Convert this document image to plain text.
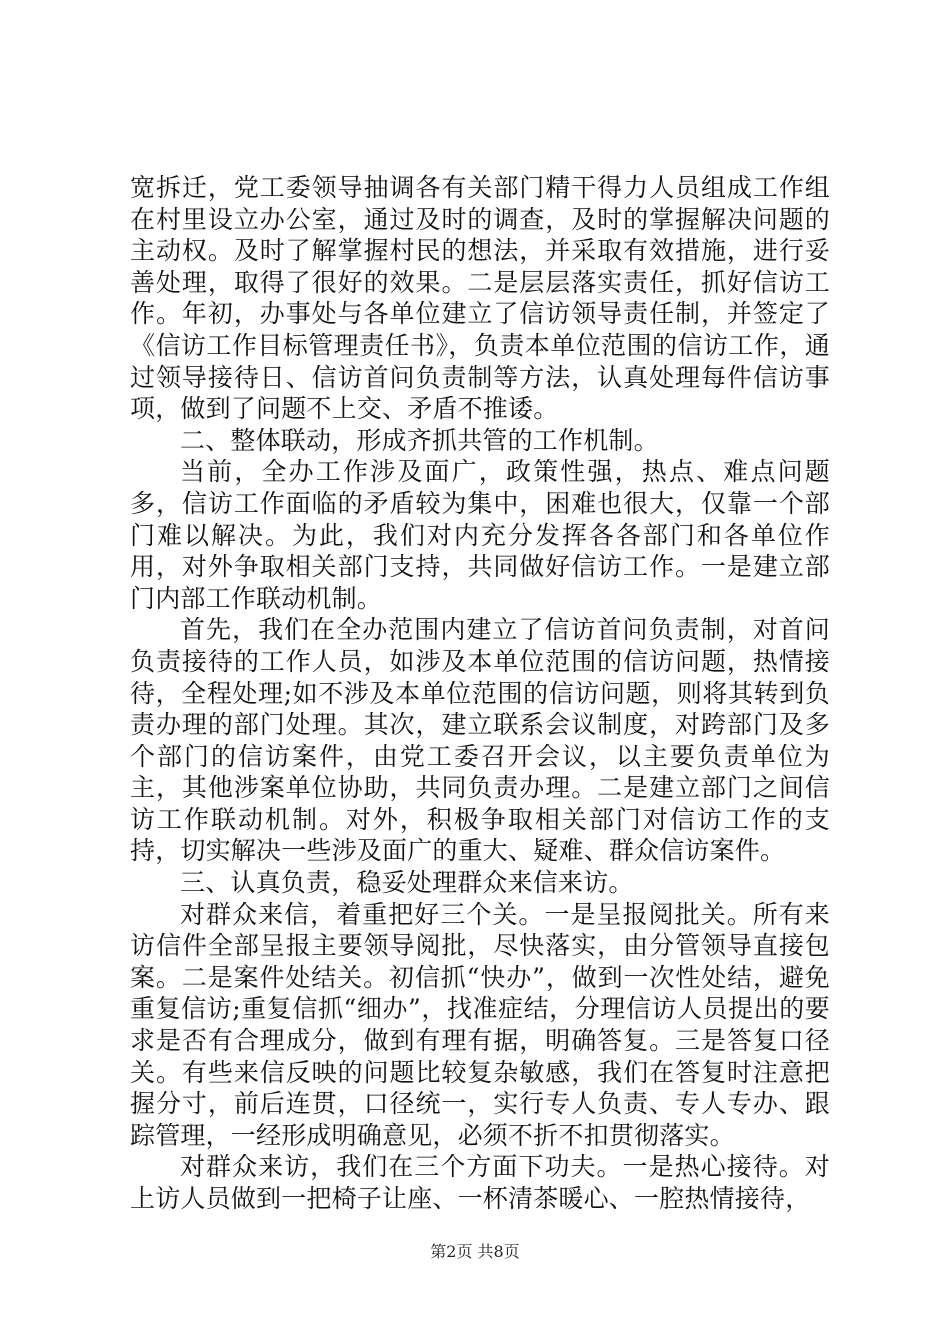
宽拆迁，党工委领导抽调各有关部门精干得力人员组成工作组在村里设立办公室，通过及时的调查，及时的掌握解决问题的主动权。及时了解掌握村民的想法，并采取有效措施，进行妥善处理，取得了很好的效果。二是层层落实责任，抓好信访工作。年初，办事处与各单位建立了信访领导责任制，并签定了《信访工作目标管理责任书》，负责本单位范围的信访工作，通过领导接待日、信访首问负责制等方法，认真处理每件信访事项，做到了问题不上交、矛盾不推诿。

二、整体联动，形成齐抓共管的工作机制。

当前，全办工作涉及面广，政策性强，热点、难点问题多，信访工作面临的矛盾较为集中，困难也很大，仅靠一个部门难以解决。为此，我们对内充分发挥各各部门和各单位作用，对外争取相关部门支持，共同做好信访工作。一是建立部门内部工作联动机制。

首先，我们在全办范围内建立了信访首问负责制，对首问负责接待的工作人员，如涉及本单位范围的信访问题，热情接待，全程处理;如不涉及本单位范围的信访问题，则将其转到负责办理的部门处理。其次，建立联系会议制度，对跨部门及多个部门的信访案件，由党工委召开会议，以主要负责单位为主，其他涉案单位协助，共同负责办理。二是建立部门之间信访工作联动机制。对外，积极争取相关部门对信访工作的支持，切实解决一些涉及面广的重大、疑难、群众信访案件。

三、认真负责，稳妥处理群众来信来访。

对群众来信，着重把好三个关。一是呈报阅批关。所有来访信件全部呈报主要领导阅批，尽快落实，由分管领导直接包案。二是案件处结关。初信抓“快办”，做到一次性处结，避免重复信访;重复信抓“细办”，找准症结，分理信访人员提出的要求是否有合理成分，做到有理有据，明确答复。三是答复口径关。有些来信反映的问题比较复杂敏感，我们在答复时注意把握分寸，前后连贯，口径统一，实行专人负责、专人专办、跟踪管理，一经形成明确意见，必须不折不扣贯彻落实。

对群众来访，我们在三个方面下功夫。一是热心接待。对上访人员做到一把椅子让座、一杯清茶暖心、一腔热情接待，

第2页 共8页
